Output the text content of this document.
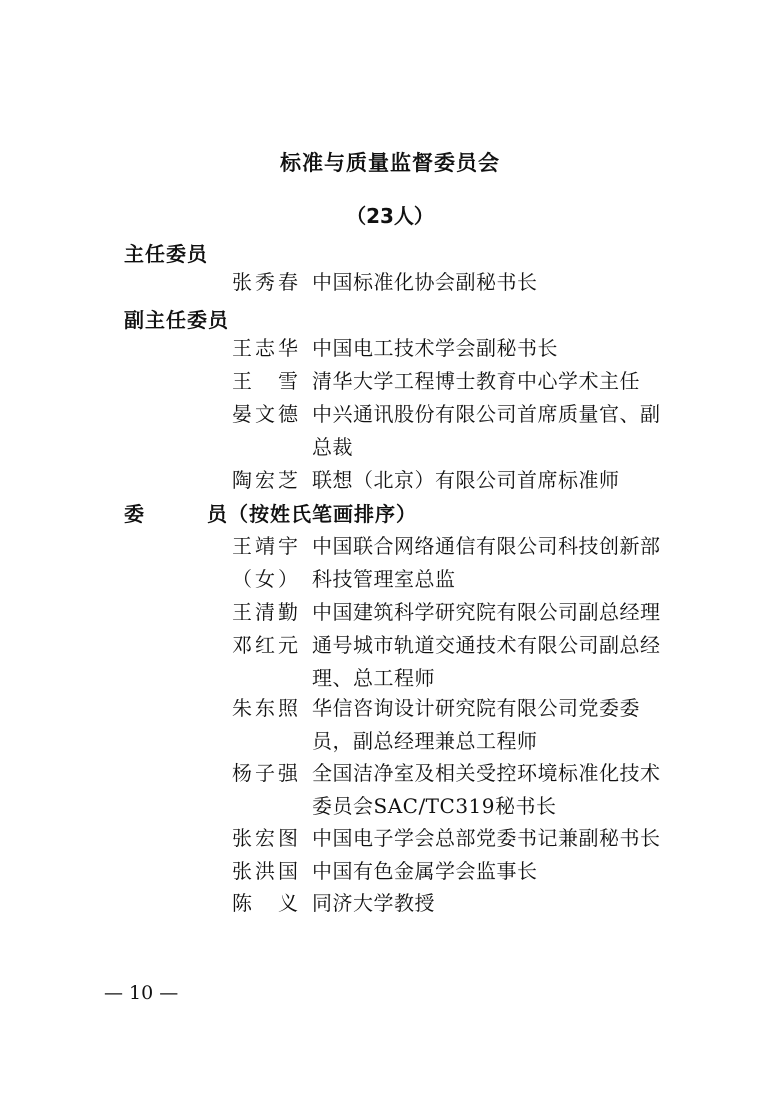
标准与质量监督委员会
（23人）
主任委员
张秀春 中国标准化协会副秘书长
副主任委员
王志华 中国电工技术学会副秘书长
王　雪 清华大学工程博士教育中心学术主任
晏文德 中兴通讯股份有限公司首席质量官、副总裁
陶宏芝 联想（北京）有限公司首席标准师
委	员（按姓氏笔画排序）
王靖宇
（女）
中国联合网络通信有限公司科技创新部科技管理室总监
王清勤 中国建筑科学研究院有限公司副总经理
邓红元 通号城市轨道交通技术有限公司副总经理、总工程师
朱东照 华信咨询设计研究院有限公司党委委员，副总经理兼总工程师
杨子强 全国洁净室及相关受控环境标准化技术委员会SAC/TC319秘书长
张宏图 中国电子学会总部党委书记兼副秘书长
张洪国 中国有色金属学会监事长
陈　义 同济大学教授
— 10 —
